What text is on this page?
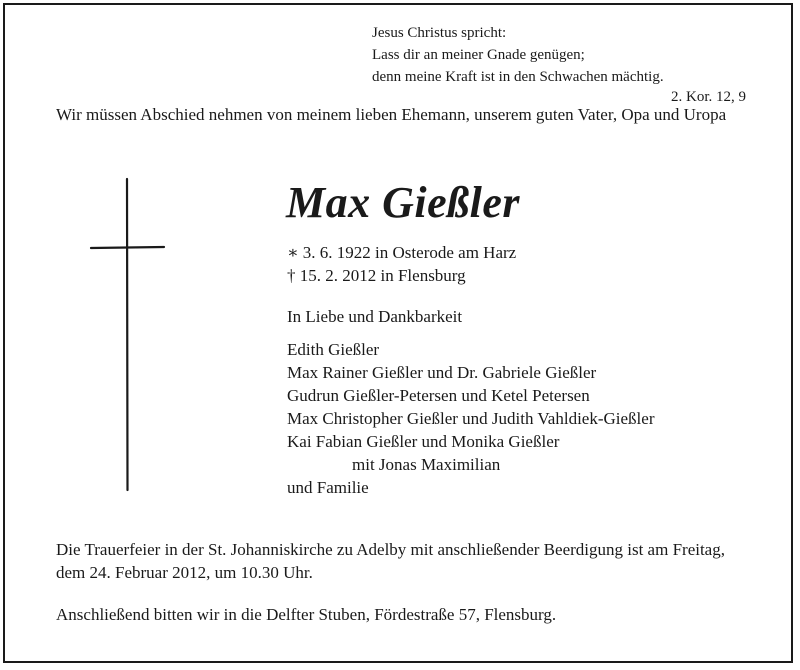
Jesus Christus spricht:
Lass dir an meiner Gnade genügen;
denn meine Kraft ist in den Schwachen mächtig.

2. Kor. 12, 9

Wir müssen Abschied nehmen von meinem lieben Ehemann, unserem guten Vater, Opa und Uropa

Max Gießler
∗ 3. 6. 1922 in Osterode am Harz
† 15. 2. 2012 in Flensburg
In Liebe und Dankbarkeit
Edith Gießler
Max Rainer Gießler und Dr. Gabriele Gießler
Gudrun Gießler-Petersen und Ketel Petersen
Max Christopher Gießler und Judith Vahldiek-Gießler
Kai Fabian Gießler und Monika Gießler
mit Jonas Maximilian
und Familie

Die Trauerfeier in der St. Johanniskirche zu Adelby mit anschließender Beerdigung ist am Freitag, dem 24. Februar 2012, um 10.30 Uhr.

Anschließend bitten wir in die Delfter Stuben, Fördestraße 57, Flensburg.
